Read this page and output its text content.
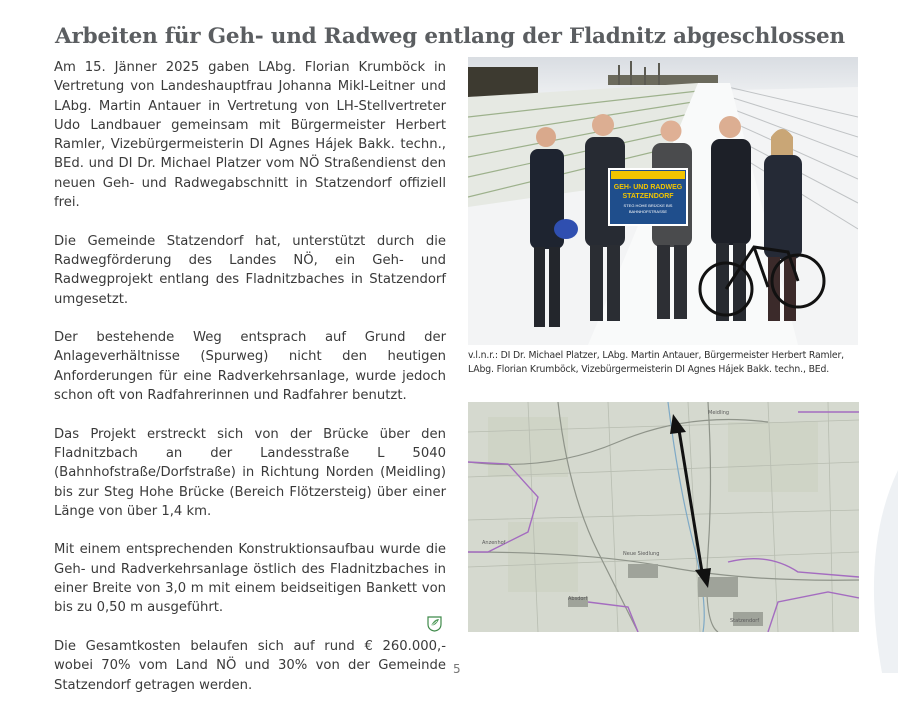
Arbeiten für Geh- und Radweg entlang der Fladnitz abgeschlossen

Am 15. Jänner 2025 gaben LAbg. Florian Krumböck in Vertretung von Landeshauptfrau Johanna Mikl-Leitner und LAbg. Martin Antauer in Vertretung von LH-Stellvertreter Udo Landbauer gemeinsam mit Bürgermeister Herbert Ramler, Vizebürgermeisterin DI Agnes Hájek Bakk. techn., BEd. und DI Dr. Michael Platzer vom NÖ Straßendienst den neuen Geh- und Radwegabschnitt in Statzendorf offiziell frei.

Die Gemeinde Statzendorf hat, unterstützt durch die Radwegförderung des Landes NÖ, ein Geh- und Radwegprojekt entlang des Fladnitzbaches in Statzendorf umgesetzt.

Der bestehende Weg entsprach auf Grund der Anlageverhältnisse (Spurweg) nicht den heutigen Anforderungen für eine Radverkehrsanlage, wurde jedoch schon oft von Radfahrerinnen und Radfahrer benutzt.

Das Projekt erstreckt sich von der Brücke über den Fladnitzbach an der Landesstraße L 5040 (Bahnhofstraße/Dorfstraße) in Richtung Norden (Meidling) bis zur Steg Hohe Brücke (Bereich Flötzersteig) über einer Länge von über 1,4 km.

Mit einem entsprechenden Konstruktionsaufbau wurde die Geh- und Radverkehrsanlage östlich des Fladnitzbaches in einer Breite von 3,0 m mit einem beidseitigen Bankett von bis zu 0,50 m ausgeführt.

Die Gesamtkosten belaufen sich auf rund € 260.000,- wobei 70% vom Land NÖ und 30% von der Gemeinde Statzendorf getragen werden.

GEH- UND RADWEG
STATZENDORF
STEG HOHE BRÜCKE BIS
BAHNHOFSTRASSE
v.l.n.r.: DI Dr. Michael Platzer, LAbg. Martin Antauer, Bürgermeister Herbert Ramler, LAbg. Florian Krumböck, Vizebürgermeisterin DI Agnes Hájek Bakk. techn., BEd.
Neue Siedlung
Absdorf
Statzendorf
Anzenhof
Meidling
5
